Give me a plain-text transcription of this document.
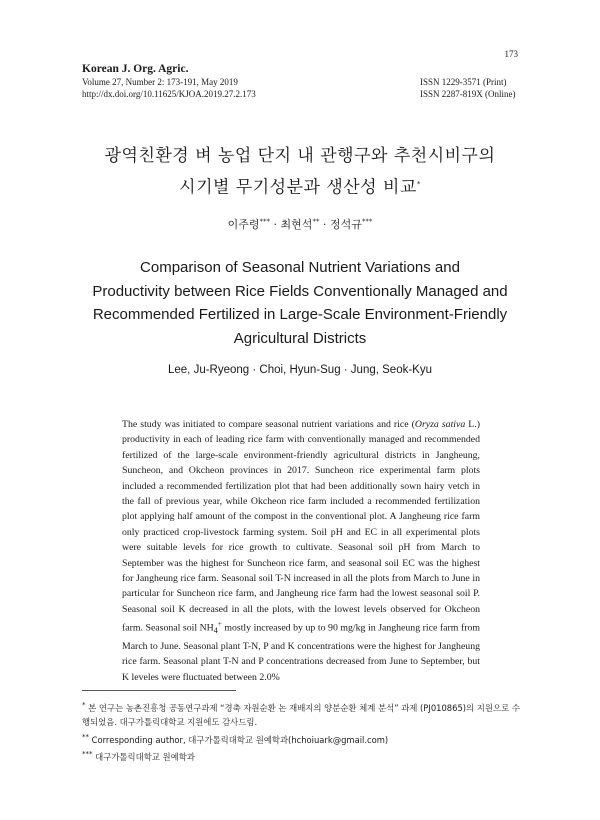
173
Korean J. Org. Agric.
Volume 27, Number 2: 173-191, May 2019
http://dx.doi.org/10.11625/KJOA.2019.27.2.173
ISSN 1229-3571 (Print)
ISSN 2287-819X (Online)
광역친환경 벼 농업 단지 내 관행구와 추천시비구의
시기별 무기성분과 생산성 비교*
이주령*** · 최현석** · 정석규***
Comparison of Seasonal Nutrient Variations and
Productivity between Rice Fields Conventionally Managed and
Recommended Fertilized in Large-Scale Environment-Friendly
Agricultural Districts
Lee, Ju-Ryeong · Choi, Hyun-Sug · Jung, Seok-Kyu
The study was initiated to compare seasonal nutrient variations and rice (Oryza sativa L.) productivity in each of leading rice farm with conventionally managed and recommended fertilized of the large-scale environment-friendly agricultural districts in Jangheung, Suncheon, and Okcheon provinces in 2017. Suncheon rice experimental farm plots included a recommended fertilization plot that had been additionally sown hairy vetch in the fall of previous year, while Okcheon rice farm included a recommended fertilization plot applying half amount of the compost in the conventional plot. A Jangheung rice farm only practiced crop-livestock farming system. Soil pH and EC in all experimental plots were suitable levels for rice growth to cultivate. Seasonal soil pH from March to September was the highest for Suncheon rice farm, and seasonal soil EC was the highest for Jangheung rice farm. Seasonal soil T-N increased in all the plots from March to June in particular for Suncheon rice farm, and Jangheung rice farm had the lowest seasonal soil P. Seasonal soil K decreased in all the plots, with the lowest levels observed for Okcheon farm. Seasonal soil $NH_4^+$ mostly increased by up to 90 mg/kg in Jangheung rice farm from March to June. Seasonal plant T-N, P and K concentrations were the highest for Jangheung rice farm. Seasonal plant T-N and P concentrations decreased from June to September, but K leveles were fluctuated between 2.0%
* 본 연구는 농촌진흥청 공동연구과제 “경축 자원순환 논 재배지의 양분순환 체계 분석” 과제 (PJ010865)의 지원으로 수행되었음. 대구가톨릭대학교 지원에도 감사드림.
** Corresponding author, 대구가톨릭대학교 원예학과(hchoiuark@gmail.com)
*** 대구가톨릭대학교 원예학과
